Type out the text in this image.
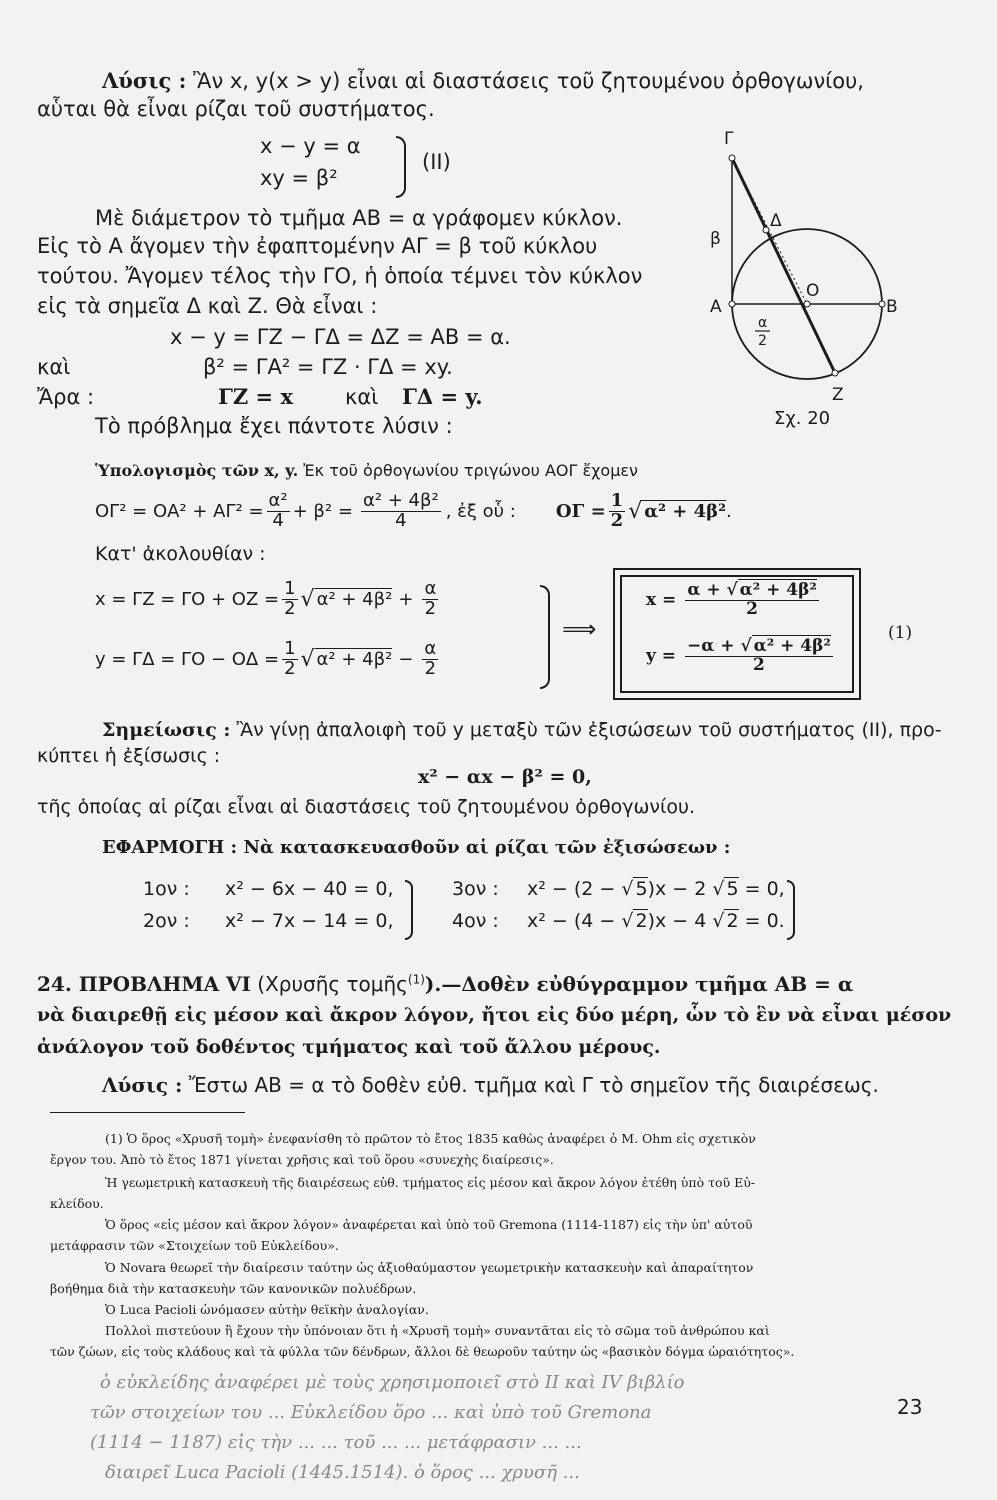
Λύσις : Ἂν x, y(x > y) εἶναι αἱ διαστάσεις τοῦ ζητουμένου ὀρθογωνίου,
αὗται θὰ εἶναι ρίζαι τοῦ συστήματος.
x − y = α
xy = β²
(II)
Μὲ διάμετρον τὸ τμῆμα AB = α γράφομεν κύκλον.
Εἰς τὸ Α ἄγομεν τὴν ἐφαπτομένην ΑΓ = β τοῦ κύκλου
τούτου. Ἄγομεν τέλος τὴν ΓΟ, ἡ ὁποία τέμνει τὸν κύκλον
εἰς τὰ σημεῖα Δ καὶ Ζ. Θὰ εἶναι :
x − y = ΓΖ − ΓΔ = ΔΖ = AB = α.
καὶ	β² = ΓΑ² = ΓΖ · ΓΔ = xy.
Ἄρα :	ΓΖ = x καὶ ΓΔ = y.
Τὸ πρόβλημα ἔχει πάντοτε λύσιν :
Γ
β
Δ
A
O
B
α
2
Ζ
Σχ. 20
Ὑπολογισμὸς τῶν x, y. Ἐκ τοῦ ὀρθογωνίου τριγώνου ΑΟΓ ἔχομεν
$O\Gamma^2 = OA^2 + A\Gamma^2 = \frac{\text{α²}}{4} + \beta^2 = \frac{\text{α² + 4β²}}{4}$ , ἐξ οὗ : $O\Gamma = \frac{1}{2}$ √ α² + 4β² .
Κατ' ἀκολουθίαν :
$x = \Gamma Z = \Gamma O + OZ = \frac{1}{2}$ √ $\alpha^2 + 4\beta^2 + \frac{\alpha}{2}$
$y = \Gamma\Delta = \Gamma O - O\Delta = \frac{1}{2}$ √ $\alpha^2 + 4\beta^2 - \frac{\alpha}{2}$
⟹
$x = \frac{\text{α + √ α² + 4β²}}{2}$
$y = \frac{\text{−α + √ α² + 4β²}}{2}$
(1)
Σημείωσις : Ἂν γίνῃ ἀπαλοιφὴ τοῦ y μεταξὺ τῶν ἐξισώσεων τοῦ συστήματος (II), προ-
κύπτει ἡ ἐξίσωσις :
x² − αx − β² = 0,
τῆς ὁποίας αἱ ρίζαι εἶναι αἱ διαστάσεις τοῦ ζητουμένου ὀρθογωνίου.
ΕΦΑΡΜΟΓΗ : Νὰ κατασκευασθοῦν αἱ ρίζαι τῶν ἐξισώσεων :
1ον : x² − 6x − 40 = 0,
2ον : x² − 7x − 14 = 0,
3ον : x² − (2 − √ 5)x − 2 √ 5 = 0,
4ον : x² − (4 − √ 2)x − 4 √ 2 = 0.
24. ΠΡΟΒΛΗΜΑ VI (Χρυσῆς τομῆς$^{(1)}$).—Δοθὲν εὐθύγραμμον τμῆμα AB = α
νὰ διαιρεθῇ εἰς μέσον καὶ ἄκρον λόγον, ἤτοι εἰς δύο μέρη, ὧν τὸ ἓν νὰ εἶναι μέσον
ἀνάλογον τοῦ δοθέντος τμήματος καὶ τοῦ ἄλλου μέρους.
Λύσις : Ἔστω AB = α τὸ δοθὲν εὐθ. τμῆμα καὶ Γ τὸ σημεῖον τῆς διαιρέσεως.
(1) Ὁ ὅρος «Χρυσῆ τομὴ» ἐνεφανίσθη τὸ πρῶτον τὸ ἔτος 1835 καθὼς ἀναφέρει ὁ Μ. Ohm εἰς σχετικὸν
ἔργον του. Ἀπὸ τὸ ἔτος 1871 γίνεται χρῆσις καὶ τοῦ ὅρου «συνεχὴς διαίρεσις».
Ἡ γεωμετρικὴ κατασκευὴ τῆς διαιρέσεως εὐθ. τμήματος εἰς μέσον καὶ ἄκρον λόγον ἐτέθη ὑπὸ τοῦ Εὐ-
κλείδου.
Ὁ ὅρος «εἰς μέσον καὶ ἄκρον λόγον» ἀναφέρεται καὶ ὑπὸ τοῦ Gremona (1114-1187) εἰς τὴν ὑπ' αὐτοῦ
μετάφρασιν τῶν «Στοιχείων τοῦ Εὐκλείδου».
Ὁ Novara θεωρεῖ τὴν διαίρεσιν ταύτην ὡς ἀξιοθαύμαστον γεωμετρικὴν κατασκευὴν καὶ ἀπαραίτητον
βοήθημα διὰ τὴν κατασκευὴν τῶν κανονικῶν πολυέδρων.
Ὁ Luca Pacioli ὠνόμασεν αὐτὴν θεϊκὴν ἀναλογίαν.
Πολλοὶ πιστεύουν ἢ ἔχουν τὴν ὑπόνοιαν ὅτι ἡ «Χρυσῆ τομὴ» συναντᾶται εἰς τὸ σῶμα τοῦ ἀνθρώπου καὶ
τῶν ζώων, εἰς τοὺς κλάδους καὶ τὰ φύλλα τῶν δένδρων, ἄλλοι δὲ θεωροῦν ταύτην ὡς «βασικὸν δόγμα ὡραιότητος».
23
ὁ εὐκλείδης ἀναφέρει μὲ τοὺς χρησιμοποιεῖ στὸ II καὶ IV βιβλίο
τῶν στοιχείων του ... Εὐκλείδου ὅρο ... καὶ ὑπὸ τοῦ Gremona
(1114 − 1187) εἰς τὴν ... ... τοῦ ... ... μετάφρασιν ... ...
διαιρεῖ Luca Pacioli (1445.1514). ὁ ὅρος ... χρυσῆ ...
